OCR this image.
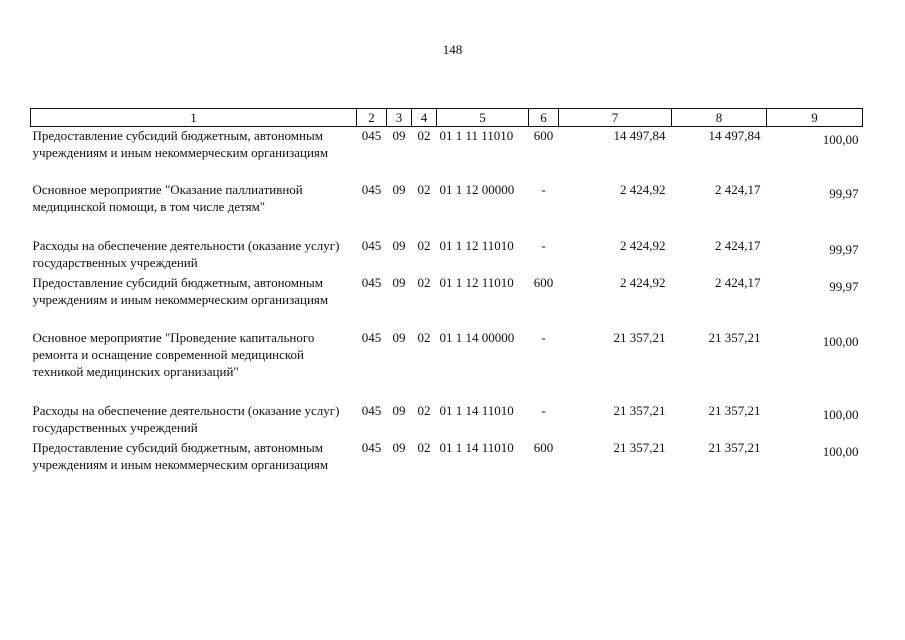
148
1	2	3	4	5	6	7	8	9
Предоставление субсидий бюджетным, автономным учреждениям и иным некоммерческим организациям	045	09	02	01 1 11 11010	600	14 497,84	14 497,84	100,00
Основное мероприятие "Оказание паллиативной медицинской помощи, в том числе детям"	045	09	02	01 1 12 00000	-	2 424,92	2 424,17	99,97
Расходы на обеспечение деятельности (оказание услуг) государственных учреждений	045	09	02	01 1 12 11010	-	2 424,92	2 424,17	99,97
Предоставление субсидий бюджетным, автономным учреждениям и иным некоммерческим организациям	045	09	02	01 1 12 11010	600	2 424,92	2 424,17	99,97
Основное мероприятие "Проведение капитального ремонта и оснащение современной медицинской техникой медицинских организаций"	045	09	02	01 1 14 00000	-	21 357,21	21 357,21	100,00
Расходы на обеспечение деятельности (оказание услуг) государственных учреждений	045	09	02	01 1 14 11010	-	21 357,21	21 357,21	100,00
Предоставление субсидий бюджетным, автономным учреждениям и иным некоммерческим организациям	045	09	02	01 1 14 11010	600	21 357,21	21 357,21	100,00
